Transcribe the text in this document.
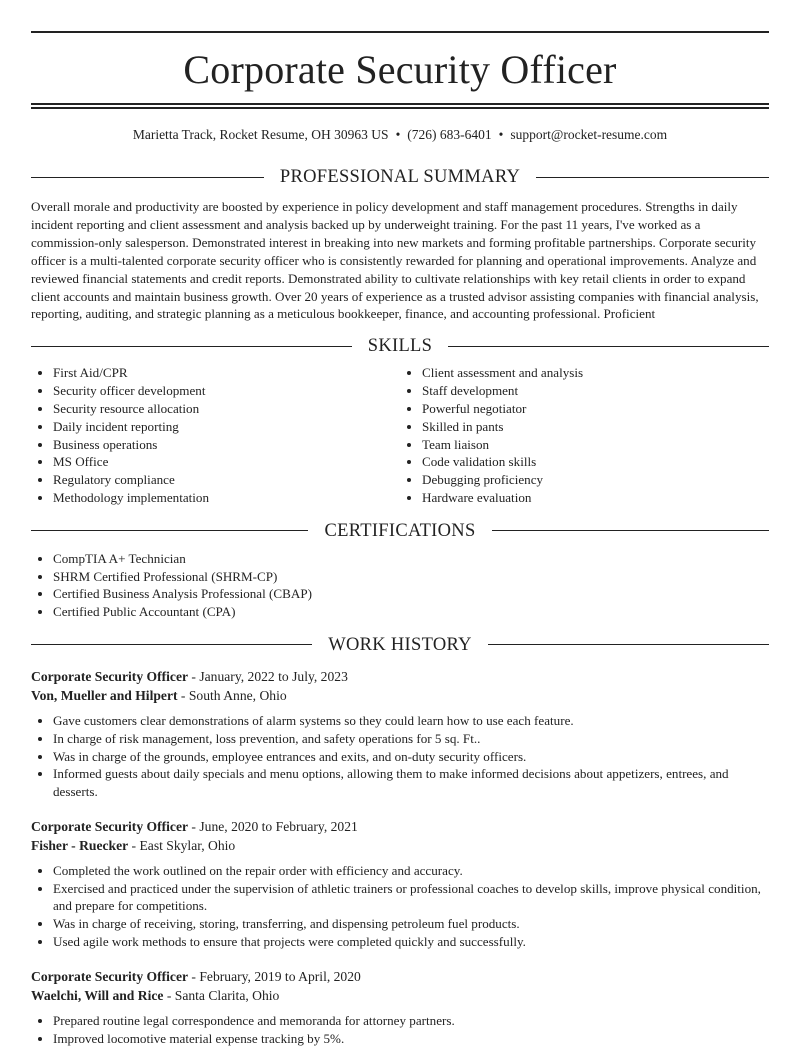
Corporate Security Officer
Marietta Track, Rocket Resume, OH 30963 US • (726) 683-6401 • support@rocket-resume.com
PROFESSIONAL SUMMARY

Overall morale and productivity are boosted by experience in policy development and staff management procedures. Strengths in daily incident reporting and client assessment and analysis backed up by underweight training. For the past 11 years, I've worked as a commission-only salesperson. Demonstrated interest in breaking into new markets and forming profitable partnerships. Corporate security officer is a multi-talented corporate security officer who is consistently rewarded for planning and operational improvements. Analyze and reviewed financial statements and credit reports. Demonstrated ability to cultivate relationships with key retail clients in order to expand client accounts and maintain business growth. Over 20 years of experience as a trusted advisor assisting companies with financial analysis, reporting, auditing, and strategic planning as a meticulous bookkeeper, finance, and accounting professional. Proficient

SKILLS
• First Aid/CPR
• Security officer development
• Security resource allocation
• Daily incident reporting
• Business operations
• MS Office
• Regulatory compliance
• Methodology implementation
• Client assessment and analysis
• Staff development
• Powerful negotiator
• Skilled in pants
• Team liaison
• Code validation skills
• Debugging proficiency
• Hardware evaluation
CERTIFICATIONS
• CompTIA A+ Technician
• SHRM Certified Professional (SHRM-CP)
• Certified Business Analysis Professional (CBAP)
• Certified Public Accountant (CPA)
WORK HISTORY
Corporate Security Officer - January, 2022 to July, 2023
Von, Mueller and Hilpert - South Anne, Ohio
• Gave customers clear demonstrations of alarm systems so they could learn how to use each feature.
• In charge of risk management, loss prevention, and safety operations for 5 sq. Ft..
• Was in charge of the grounds, employee entrances and exits, and on-duty security officers.
• Informed guests about daily specials and menu options, allowing them to make informed decisions about appetizers, entrees, and desserts.
Corporate Security Officer - June, 2020 to February, 2021
Fisher - Ruecker - East Skylar, Ohio
• Completed the work outlined on the repair order with efficiency and accuracy.
• Exercised and practiced under the supervision of athletic trainers or professional coaches to develop skills, improve physical condition, and prepare for competitions.
• Was in charge of receiving, storing, transferring, and dispensing petroleum fuel products.
• Used agile work methods to ensure that projects were completed quickly and successfully.
Corporate Security Officer - February, 2019 to April, 2020
Waelchi, Will and Rice - Santa Clarita, Ohio
• Prepared routine legal correspondence and memoranda for attorney partners.
• Improved locomotive material expense tracking by 5%.
